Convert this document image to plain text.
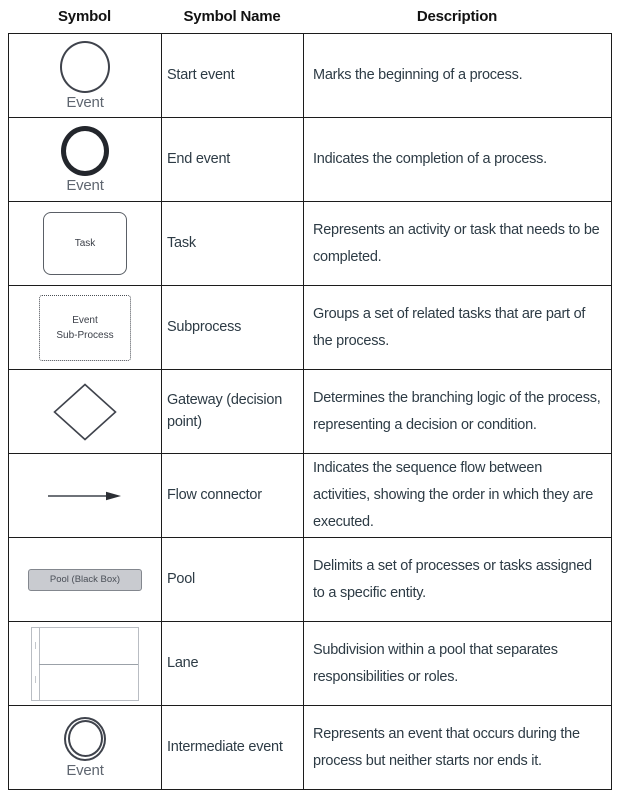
Symbol	Symbol Name	Description
Event	Start event	Marks the beginning of a process.

Event	End event	Indicates the completion of a process.

Task	Task	Represents an activity or task that needs to be completed.

Event
Sub-Process	Subprocess	Groups a set of related tasks that are part of the process.

	Gateway (decision point)	Determines the branching logic of the process, representing a decision or condition.

	Flow connector	Indicates the sequence flow between activities, showing the order in which they are executed.

Pool (Black Box)	Pool	Delimits a set of processes or tasks assigned to a specific entity.

	Lane	Subdivision within a pool that separates responsibilities or roles.

Event	Intermediate event	Represents an event that occurs during the process but neither starts nor ends it.
